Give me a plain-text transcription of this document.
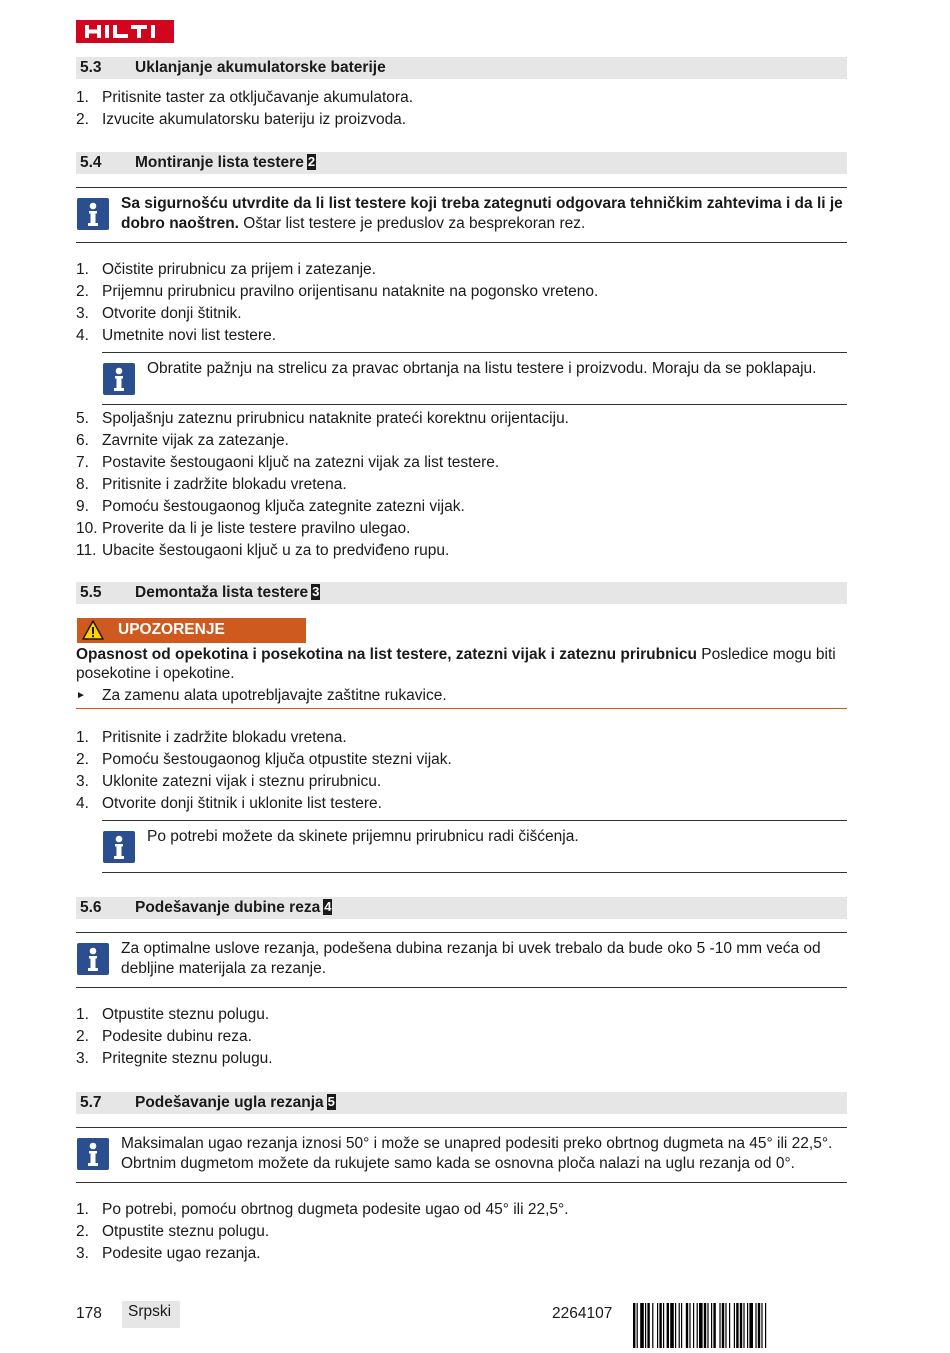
5.3 Uklanjanje akumulatorske baterije
1. Pritisnite taster za otključavanje akumulatora.
2. Izvucite akumulatorsku bateriju iz proizvoda.
5.4 Montiranje lista testere 2
Sa sigurnošću utvrdite da li list testere koji treba zategnuti odgovara tehničkim zahtevima i da li je dobro naoštren. Oštar list testere je preduslov za besprekoran rez.
1. Očistite prirubnicu za prijem i zatezanje.
2. Prijemnu prirubnicu pravilno orijentisanu nataknite na pogonsko vreteno.
3. Otvorite donji štitnik.
4. Umetnite novi list testere.
Obratite pažnju na strelicu za pravac obrtanja na listu testere i proizvodu. Moraju da se poklapaju.
5. Spoljašnju zateznu prirubnicu nataknite prateći korektnu orijentaciju.
6. Zavrnite vijak za zatezanje.
7. Postavite šestougaoni ključ na zatezni vijak za list testere.
8. Pritisnite i zadržite blokadu vretena.
9. Pomoću šestougaonog ključa zategnite zatezni vijak.
10. Proverite da li je liste testere pravilno ulegao.
11. Ubacite šestougaoni ključ u za to predviđeno rupu.
5.5 Demontaža lista testere 3
UPOZORENJE
Opasnost od opekotina i posekotina na list testere, zatezni vijak i zateznu prirubnicu Posledice mogu biti posekotine i opekotine.
► Za zamenu alata upotrebljavajte zaštitne rukavice.
1. Pritisnite i zadržite blokadu vretena.
2. Pomoću šestougaonog ključa otpustite stezni vijak.
3. Uklonite zatezni vijak i steznu prirubnicu.
4. Otvorite donji štitnik i uklonite list testere.
Po potrebi možete da skinete prijemnu prirubnicu radi čišćenja.
5.6 Podešavanje dubine reza 4
Za optimalne uslove rezanja, podešena dubina rezanja bi uvek trebalo da bude oko 5 -10 mm veća od debljine materijala za rezanje.
1. Otpustite steznu polugu.
2. Podesite dubinu reza.
3. Pritegnite steznu polugu.
5.7 Podešavanje ugla rezanja 5
Maksimalan ugao rezanja iznosi 50° i može se unapred podesiti preko obrtnog dugmeta na 45° ili 22,5°. Obrtnim dugmetom možete da rukujete samo kada se osnovna ploča nalazi na uglu rezanja od 0°.
1. Po potrebi, pomoću obrtnog dugmeta podesite ugao od 45° ili 22,5°.
2. Otpustite steznu polugu.
3. Podesite ugao rezanja.
178 Srpski	2264107
